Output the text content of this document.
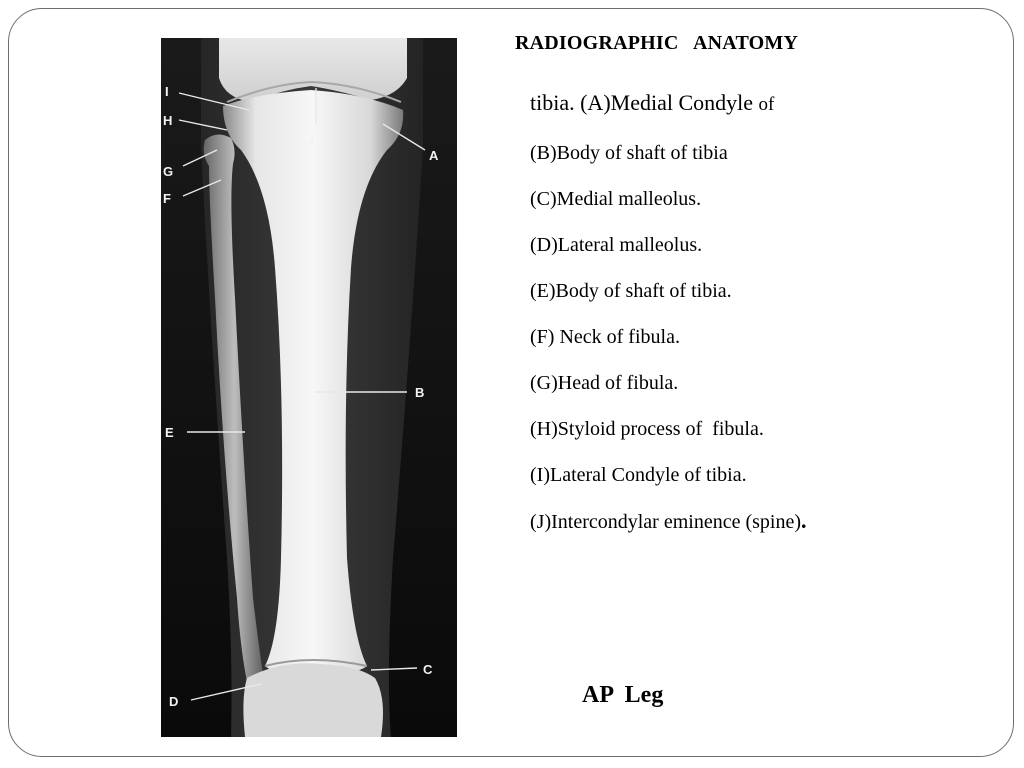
I
H
G
F
E
D
J
A
B
C
RADIOGRAPHIC   ANATOMY
tibia. (A)Medial Condyle of
(B)Body of shaft of tibia
(C)Medial malleolus.
(D)Lateral malleolus.
(E)Body of shaft of tibia.
(F) Neck of fibula.
(G)Head of fibula.
(H)Styloid process of  fibula.
(I)Lateral Condyle of tibia.
(J)Intercondylar eminence (spine).
AP  Leg
